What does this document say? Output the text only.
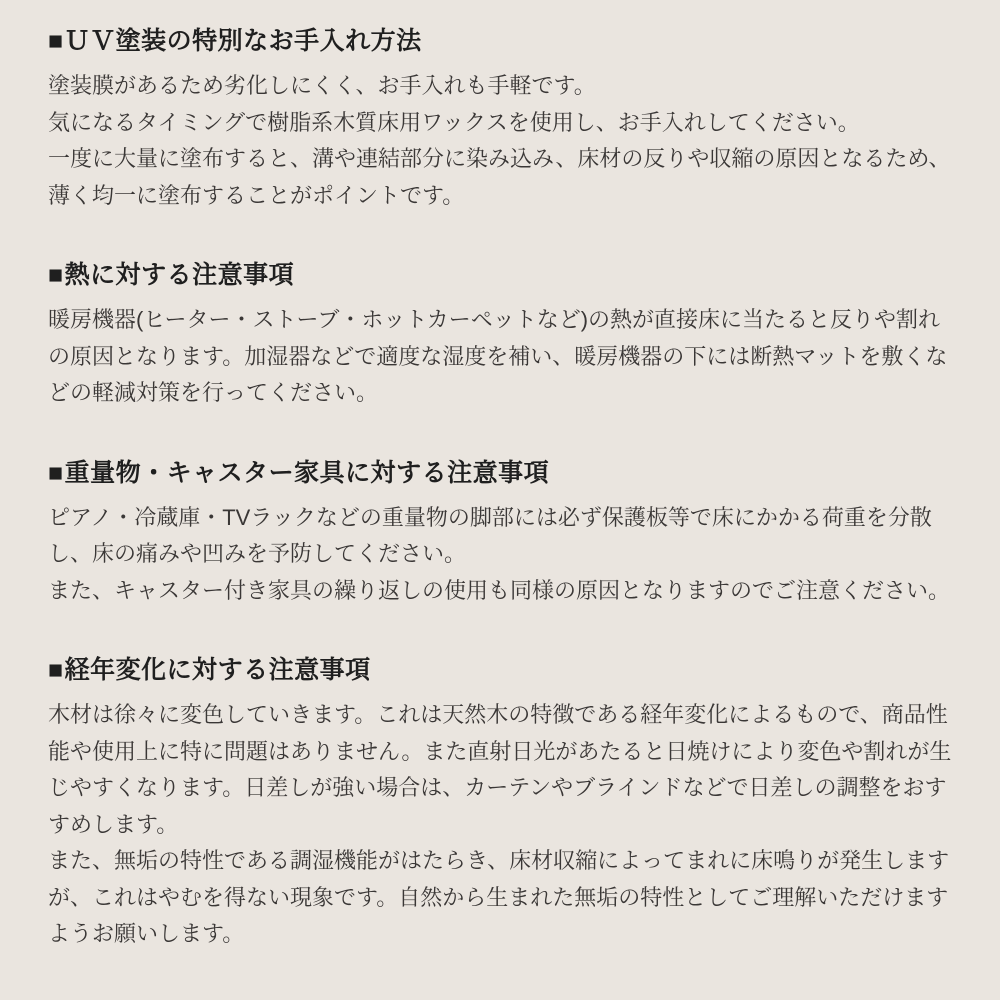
■ＵＶ塗装の特別なお手入れ方法

塗装膜があるため劣化しにくく、お手入れも手軽です。

気になるタイミングで樹脂系木質床用ワックスを使用し、お手入れしてください。

一度に大量に塗布すると、溝や連結部分に染み込み、床材の反りや収縮の原因となるため、薄く均一に塗布することがポイントです。

■熱に対する注意事項

暖房機器(ヒーター・ストーブ・ホットカーペットなど)の熱が直接床に当たると反りや割れの原因となります。加湿器などで適度な湿度を補い、暖房機器の下には断熱マットを敷くなどの軽減対策を行ってください。

■重量物・キャスター家具に対する注意事項

ピアノ・冷蔵庫・TVラックなどの重量物の脚部には必ず保護板等で床にかかる荷重を分散し、床の痛みや凹みを予防してください。

また、キャスター付き家具の繰り返しの使用も同様の原因となりますのでご注意ください。

■経年変化に対する注意事項

木材は徐々に変色していきます。これは天然木の特徴である経年変化によるもので、商品性能や使用上に特に問題はありません。また直射日光があたると日焼けにより変色や割れが生じやすくなります。日差しが強い場合は、カーテンやブラインドなどで日差しの調整をおすすめします。

また、無垢の特性である調湿機能がはたらき、床材収縮によってまれに床鳴りが発生しますが、これはやむを得ない現象です。自然から生まれた無垢の特性としてご理解いただけますようお願いします。
